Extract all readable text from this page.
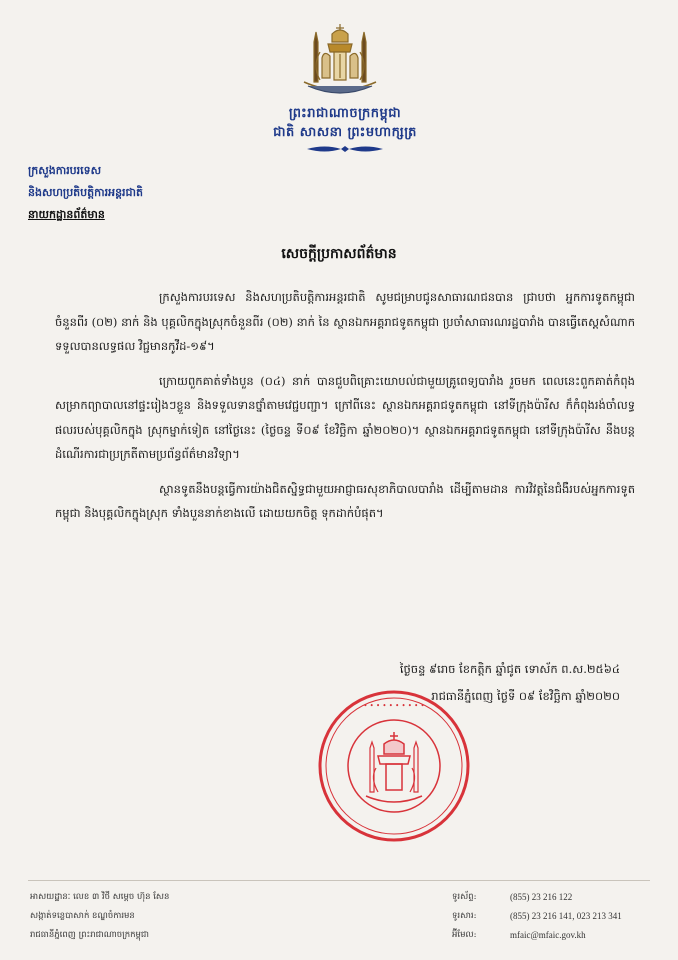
ព្រះរាជាណាចក្រកម្ពុជា
ជាតិ សាសនា ព្រះមហាក្សត្រ
ក្រសួងការបរទេស
និងសហប្រតិបត្តិការអន្តរជាតិ
នាយកដ្ឋានព័ត៌មាន
សេចក្តីប្រកាសព័ត៌មាន

ក្រសួងការបរទេស និងសហប្រតិបត្តិការអន្តរជាតិ សូមជម្រាបជូនសាធារណជនបាន ជ្រាបថា អ្នកការទូតកម្ពុជា ចំនួនពីរ (០២) នាក់ និង បុគ្គលិកក្នុងស្រុកចំនួនពីរ (០២) នាក់ នៃ ស្ថានឯកអគ្គរាជទូតកម្ពុជា ប្រចាំសាធារណរដ្ឋបារាំង បានធ្វើតេស្តសំណាកទទួលបានលទ្ធផល វិជ្ជមានកូវីដ-១៩។

ក្រោយពួកគាត់ទាំងបួន (០៤) នាក់ បានជួបពិគ្រោះយោបល់ជាមួយគ្រូពេទ្យបារាំង រួចមក ពេលនេះពួកគាត់កំពុងសម្រាកព្យាបាលនៅផ្ទះរៀងៗខ្លួន និងទទួលទានថ្នាំតាមវេជ្ជបញ្ជា។ ក្រៅពីនេះ ស្ថានឯកអគ្គរាជទូតកម្ពុជា នៅទីក្រុងប៉ារីស ក៏កំពុងរង់ចាំលទ្ធផលរបស់បុគ្គលិកក្នុង ស្រុកម្នាក់ទៀត នៅថ្ងៃនេះ (ថ្ងៃចន្ទ ទី០៩ ខែវិច្ឆិកា ឆ្នាំ២០២០)។ ស្ថានឯកអគ្គរាជទូតកម្ពុជា នៅទីក្រុងប៉ារីស នឹងបន្តដំណើរការជាប្រក្រតីតាមប្រព័ន្ធព័ត៌មានវិទ្យា។

ស្ថានទូតនឹងបន្តធ្វើការយ៉ាងជិតស្និទ្ធជាមួយអាជ្ញាធរសុខាភិបាលបារាំង ដើម្បីតាមដាន ការវិវត្តនៃជំងឺរបស់អ្នកការទូតកម្ពុជា និងបុគ្គលិកក្នុងស្រុក ទាំងបួននាក់ខាងលើ ដោយយកចិត្ត ទុកដាក់បំផុត។

ថ្ងៃចន្ទ ៩រោច ខែកត្តិក ឆ្នាំជូត ទោស័ក ព.ស.២៥៦៤
រាជធានីភ្នំពេញ ថ្ងៃទី ០៩ ខែវិច្ឆិកា ឆ្នាំ២០២០
• • • • • • • • • •
អាសយដ្ឋានៈ លេខ ៣ វិថី សម្តេច ហ៊ុន សែន
សង្កាត់ទន្លេបាសាក់ ខណ្ឌចំការមន
រាជធានីភ្នំពេញ ព្រះរាជាណាចក្រកម្ពុជា
ទូរស័ព្ទ:	(855) 23 216 122
ទូរសារ:	(855) 23 216 141, 023 213 341
អ៊ីមែល:	mfaic@mfaic.gov.kh
